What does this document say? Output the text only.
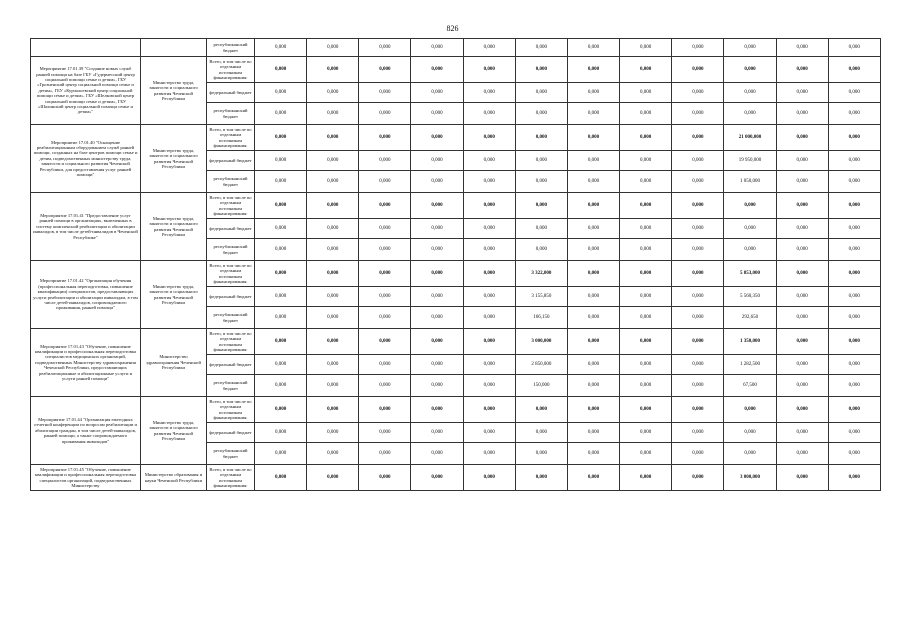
826
		республиканский бюджет	0,000	0,000	0,000	0,000	0,000	0,000	0,000	0,000	0,000	0,000	0,000	0,000
Мероприятие 17.01.39 "Создание новых служб ранней помощи на базе ГБУ «Гудермесский центр социальной помощи семье и детям», ГБУ «Грозненский центр социальной помощи семье и детям», ГБУ «Курчалоевский центр социальной помощи семье и детям», ГБУ «Шелковской центр социальной помощи семье и детям», ГБУ «Шалинский центр социальной помощи семье и детям»"	Министерство труда, занятости и социального развития Чеченской Республики	Всего, в том числе по отдельным источникам финансирования:	0,000	0,000	0,000	0,000	0,000	0,000	0,000	0,000	0,000	0,000	0,000	0,000
		федеральный бюджет	0,000	0,000	0,000	0,000	0,000	0,000	0,000	0,000	0,000	0,000	0,000	0,000
		республиканский бюджет	0,000	0,000	0,000	0,000	0,000	0,000	0,000	0,000	0,000	0,000	0,000	0,000
Мероприятие 17.01.40 "Оснащение реабилитационным оборудованием служб ранней помощи, созданных на базе центров помощи семье и детям, подведомственных министерству труда, занятости и социального развития Чеченской Республики, для предоставления услуг ранней помощи"	Министерство труда, занятости и социального развития Чеченской Республики	Всего, в том числе по отдельным источникам финансирования:	0,000	0,000	0,000	0,000	0,000	0,000	0,000	0,000	0,000	21 000,000	0,000	0,000
		федеральный бюджет	0,000	0,000	0,000	0,000	0,000	0,000	0,000	0,000	0,000	19 950,000	0,000	0,000
		республиканский бюджет	0,000	0,000	0,000	0,000	0,000	0,000	0,000	0,000	0,000	1 050,000	0,000	0,000
Мероприятие 17.01.41 "Предоставление услуг ранней помощи в организациях, включенных в систему комплексной реабилитации и абилитации инвалидов, в том числе детей-инвалидов в Чеченской Республике"	Министерство труда, занятости и социального развития Чеченской Республики	Всего, в том числе по отдельным источникам финансирования:	0,000	0,000	0,000	0,000	0,000	0,000	0,000	0,000	0,000	0,000	0,000	0,000
		федеральный бюджет	0,000	0,000	0,000	0,000	0,000	0,000	0,000	0,000	0,000	0,000	0,000	0,000
		республиканский бюджет	0,000	0,000	0,000	0,000	0,000	0,000	0,000	0,000	0,000	0,000	0,000	0,000
Мероприятие 17.01.42 "Организация обучения (профессиональная переподготовка, повышение квалификации) специалистов, предоставляющих услуги реабилитации и абилитации инвалидам, в том числе детей-инвалидов, сопровождаемого проживания, ранней помощи"	Министерство труда, занятости и социального развития Чеченской Республики	Всего, в том числе по отдельным источникам финансирования:	0,000	0,000	0,000	0,000	0,000	3 322,000	0,000	0,000	0,000	5 853,000	0,000	0,000
		федеральный бюджет	0,000	0,000	0,000	0,000	0,000	3 155,850	0,000	0,000	0,000	5 560,350	0,000	0,000
		республиканский бюджет	0,000	0,000	0,000	0,000	0,000	166,150	0,000	0,000	0,000	292,650	0,000	0,000
Мероприятие 17.01.43 "Обучение, повышение квалификации и профессиональная переподготовка специалистов медицинских организаций, подведомственных Министерству здравоохранения Чеченской Республики, предоставляющих реабилитационные и абилитационные услуги и услуги ранней помощи"	Министерство здравоохранения Чеченской Республики	Всего, в том числе по отдельным источникам финансирования:	0,000	0,000	0,000	0,000	0,000	3 000,000	0,000	0,000	0,000	1 350,000	0,000	0,000
		федеральный бюджет	0,000	0,000	0,000	0,000	0,000	2 850,000	0,000	0,000	0,000	1 282,500	0,000	0,000
		республиканский бюджет	0,000	0,000	0,000	0,000	0,000	150,000	0,000	0,000	0,000	67,500	0,000	0,000
Мероприятие 17.01.44 "Организация ежегодных отчетной конференции по вопросам реабилитации и абилитации граждан, в том числе детей-инвалидов, ранней помощи, а также сопровождаемого проживания инвалидов"	Министерство труда, занятости и социального развития Чеченской Республики	Всего, в том числе по отдельным источникам финансирования:	0,000	0,000	0,000	0,000	0,000	0,000	0,000	0,000	0,000	0,000	0,000	0,000
		федеральный бюджет	0,000	0,000	0,000	0,000	0,000	0,000	0,000	0,000	0,000	0,000	0,000	0,000
		республиканский бюджет	0,000	0,000	0,000	0,000	0,000	0,000	0,000	0,000	0,000	0,000	0,000	0,000
Мероприятие 17.01.45 "Обучение, повышение квалификации и профессиональная переподготовка специалистов организаций, подведомственных Министерству	Министерство образования и науки Чеченской Республики	Всего, в том числе по отдельным источникам финансирования:	0,000	0,000	0,000	0,000	0,000	0,000	0,000	0,000	0,000	3 000,000	0,000	0,000
